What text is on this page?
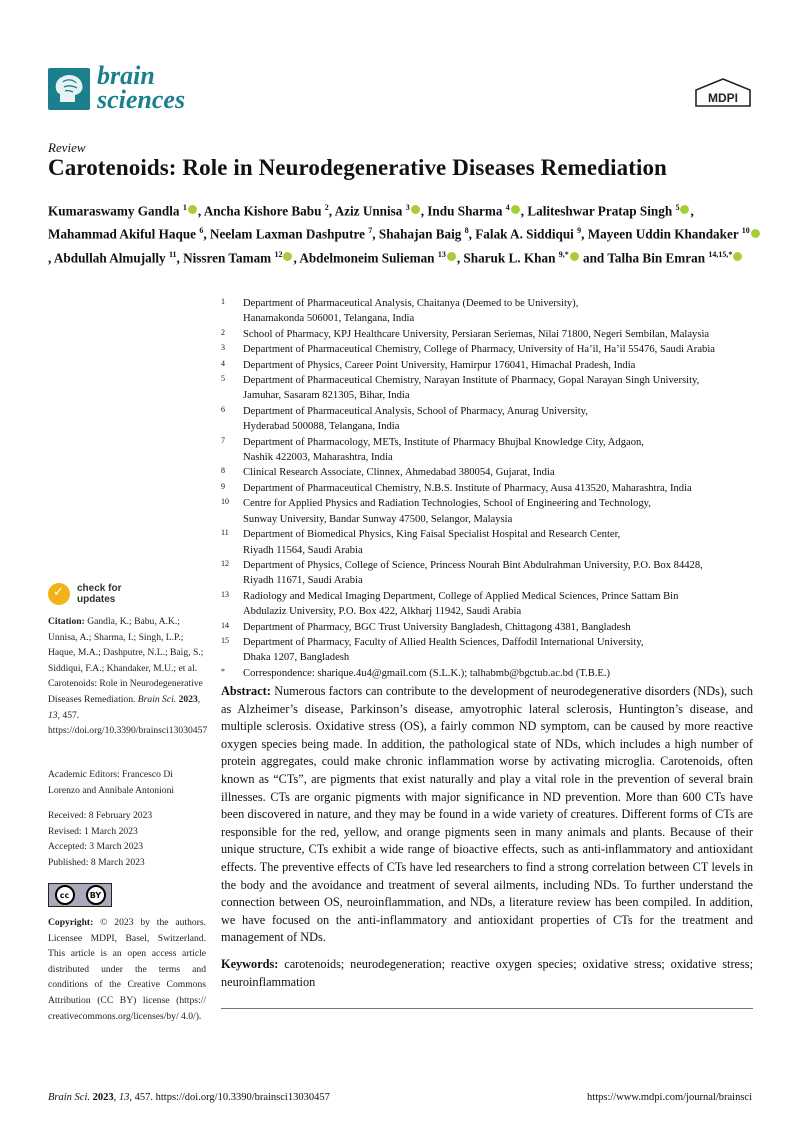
brain
sciences	MDPI
Review
Carotenoids: Role in Neurodegenerative Diseases Remediation
Kumaraswamy Gandla $^1$ , Ancha Kishore Babu $^2$, Aziz Unnisa $^3$ , Indu Sharma $^4$ , Laliteshwar Pratap Singh $^5$ , Mahammad Akiful Haque $^6$, Neelam Laxman Dashputre $^7$, Shahajan Baig $^8$, Falak A. Siddiqui $^9$, Mayeen Uddin Khandaker $^{10}$, Abdullah Almujally $^{11}$, Nissren Tamam $^{12}$ , Abdelmoneim Sulieman $^{13}$ , Sharuk L. Khan $^{9,*}$ and Talha Bin Emran $^{14,15,*}$
1 Department of Pharmaceutical Analysis, Chaitanya (Deemed to be University),
Hanamakonda 506001, Telangana, India
2 School of Pharmacy, KPJ Healthcare University, Persiaran Seriemas, Nilai 71800, Negeri Sembilan, Malaysia
3 Department of Pharmaceutical Chemistry, College of Pharmacy, University of Ha’il, Ha’il 55476, Saudi Arabia
4 Department of Physics, Career Point University, Hamirpur 176041, Himachal Pradesh, India
5 Department of Pharmaceutical Chemistry, Narayan Institute of Pharmacy, Gopal Narayan Singh University,
Jamuhar, Sasaram 821305, Bihar, India
6 Department of Pharmaceutical Analysis, School of Pharmacy, Anurag University,
Hyderabad 500088, Telangana, India
7 Department of Pharmacology, METs, Institute of Pharmacy Bhujbal Knowledge City, Adgaon,
Nashik 422003, Maharashtra, India
8 Clinical Research Associate, Clinnex, Ahmedabad 380054, Gujarat, India
9 Department of Pharmaceutical Chemistry, N.B.S. Institute of Pharmacy, Ausa 413520, Maharashtra, India
10 Centre for Applied Physics and Radiation Technologies, School of Engineering and Technology,
Sunway University, Bandar Sunway 47500, Selangor, Malaysia
11 Department of Biomedical Physics, King Faisal Specialist Hospital and Research Center,
Riyadh 11564, Saudi Arabia
12 Department of Physics, College of Science, Princess Nourah Bint Abdulrahman University, P.O. Box 84428,
Riyadh 11671, Saudi Arabia
13 Radiology and Medical Imaging Department, College of Applied Medical Sciences, Prince Sattam Bin
Abdulaziz University, P.O. Box 422, Alkharj 11942, Saudi Arabia
14 Department of Pharmacy, BGC Trust University Bangladesh, Chittagong 4381, Bangladesh
15 Department of Pharmacy, Faculty of Allied Health Sciences, Daffodil International University,
Dhaka 1207, Bangladesh
* Correspondence: sharique.4u4@gmail.com (S.L.K.); talhabmb@bgctub.ac.bd (T.B.E.)
✓ check for
updates
Citation: Gandla, K.; Babu, A.K.; Unnisa, A.; Sharma, I.; Singh, L.P.; Haque, M.A.; Dashputre, N.L.; Baig, S.; Siddiqui, F.A.; Khandaker, M.U.; et al. Carotenoids: Role in Neurodegenerative Diseases Remediation. Brain Sci. 2023, 13, 457. https://doi.org/10.3390/brainsci13030457
Academic Editors: Francesco Di Lorenzo and Annibale Antonioni
Received: 8 February 2023
Revised: 1 March 2023
Accepted: 3 March 2023
Published: 8 March 2023
cc	BY
Copyright: © 2023 by the authors. Licensee MDPI, Basel, Switzerland. This article is an open access article distributed under the terms and conditions of the Creative Commons Attribution (CC BY) license (https:// creativecommons.org/licenses/by/ 4.0/).
Abstract: Numerous factors can contribute to the development of neurodegenerative disorders (NDs), such as Alzheimer’s disease, Parkinson’s disease, amyotrophic lateral sclerosis, Huntington’s disease, and multiple sclerosis. Oxidative stress (OS), a fairly common ND symptom, can be caused by more reactive oxygen species being made. In addition, the pathological state of NDs, which includes a high number of protein aggregates, could make chronic inflammation worse by activating microglia. Carotenoids, often known as “CTs”, are pigments that exist naturally and play a vital role in the prevention of several brain illnesses. CTs are organic pigments with major significance in ND prevention. More than 600 CTs have been discovered in nature, and they may be found in a wide variety of creatures. Different forms of CTs are responsible for the red, yellow, and orange pigments seen in many animals and plants. Because of their unique structure, CTs exhibit a wide range of bioactive effects, such as anti-inflammatory and antioxidant effects. The preventive effects of CTs have led researchers to find a strong correlation between CT levels in the body and the avoidance and treatment of several ailments, including NDs. To further understand the connection between OS, neuroinflammation, and NDs, a literature review has been compiled. In addition, we have focused on the anti-inflammatory and antioxidant properties of CTs for the treatment and management of NDs.
Keywords: carotenoids; neurodegeneration; reactive oxygen species; oxidative stress; oxidative stress; neuroinflammation
Brain Sci. 2023, 13, 457. https://doi.org/10.3390/brainsci13030457	https://www.mdpi.com/journal/brainsci
